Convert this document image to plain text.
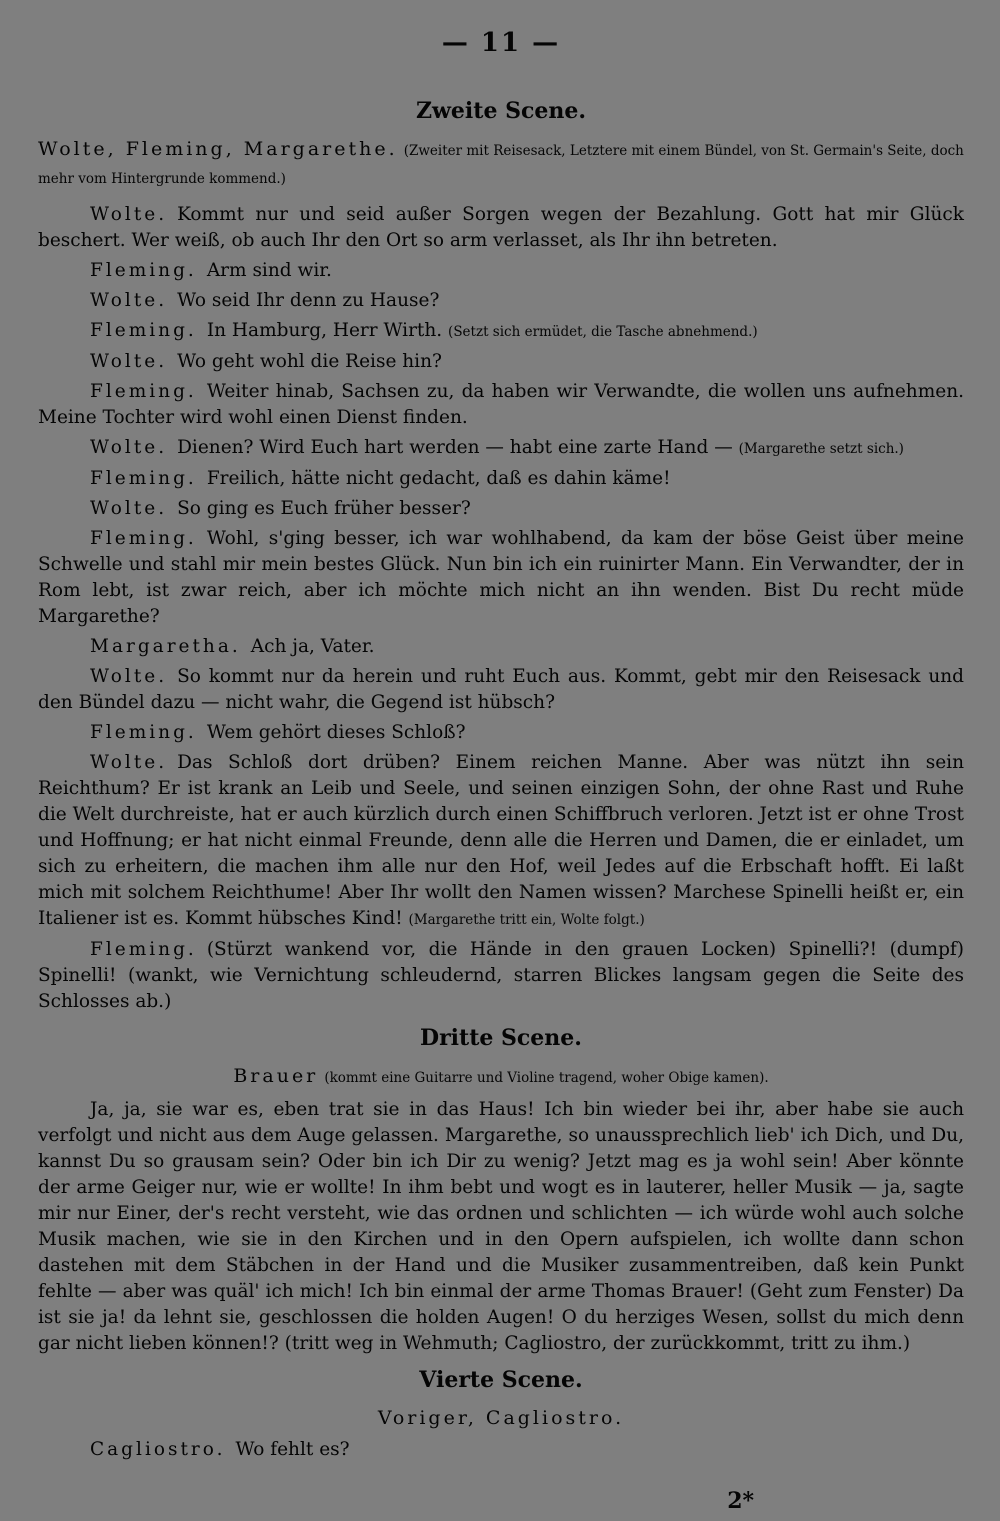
— 11 —
Zweite Scene.
Wolte, Fleming, Margarethe. (Zweiter mit Reisesack, Letztere mit einem Bündel, von St. Germain's Seite, doch mehr vom Hintergrunde kommend.)

Wolte. Kommt nur und seid außer Sorgen wegen der Bezahlung. Gott hat mir Glück beschert. Wer weiß, ob auch Ihr den Ort so arm verlasset, als Ihr ihn betreten.

Fleming. Arm sind wir.

Wolte. Wo seid Ihr denn zu Hause?

Fleming. In Hamburg, Herr Wirth. (Setzt sich ermüdet, die Tasche abnehmend.)

Wolte. Wo geht wohl die Reise hin?

Fleming. Weiter hinab, Sachsen zu, da haben wir Verwandte, die wollen uns aufnehmen. Meine Tochter wird wohl einen Dienst finden.

Wolte. Dienen? Wird Euch hart werden — habt eine zarte Hand — (Margarethe setzt sich.)

Fleming. Freilich, hätte nicht gedacht, daß es dahin käme!

Wolte. So ging es Euch früher besser?

Fleming. Wohl, s'ging besser, ich war wohlhabend, da kam der böse Geist über meine Schwelle und stahl mir mein bestes Glück. Nun bin ich ein ruinirter Mann. Ein Verwandter, der in Rom lebt, ist zwar reich, aber ich möchte mich nicht an ihn wenden. Bist Du recht müde Margarethe?

Margaretha. Ach ja, Vater.

Wolte. So kommt nur da herein und ruht Euch aus. Kommt, gebt mir den Reisesack und den Bündel dazu — nicht wahr, die Gegend ist hübsch?

Fleming. Wem gehört dieses Schloß?

Wolte. Das Schloß dort drüben? Einem reichen Manne. Aber was nützt ihn sein Reichthum? Er ist krank an Leib und Seele, und seinen einzigen Sohn, der ohne Rast und Ruhe die Welt durchreiste, hat er auch kürzlich durch einen Schiffbruch verloren. Jetzt ist er ohne Trost und Hoffnung; er hat nicht einmal Freunde, denn alle die Herren und Damen, die er einladet, um sich zu erheitern, die machen ihm alle nur den Hof, weil Jedes auf die Erbschaft hofft. Ei laßt mich mit solchem Reichthume! Aber Ihr wollt den Namen wissen? Marchese Spinelli heißt er, ein Italiener ist es. Kommt hübsches Kind! (Margarethe tritt ein, Wolte folgt.)

Fleming. (Stürzt wankend vor, die Hände in den grauen Locken) Spinelli?! (dumpf) Spinelli! (wankt, wie Vernichtung schleudernd, starren Blickes langsam gegen die Seite des Schlosses ab.)

Dritte Scene.
Brauer (kommt eine Guitarre und Violine tragend, woher Obige kamen).

Ja, ja, sie war es, eben trat sie in das Haus! Ich bin wieder bei ihr, aber habe sie auch verfolgt und nicht aus dem Auge gelassen. Margarethe, so unaussprechlich lieb' ich Dich, und Du, kannst Du so grausam sein? Oder bin ich Dir zu wenig? Jetzt mag es ja wohl sein! Aber könnte der arme Geiger nur, wie er wollte! In ihm bebt und wogt es in lauterer, heller Musik — ja, sagte mir nur Einer, der's recht versteht, wie das ordnen und schlichten — ich würde wohl auch solche Musik machen, wie sie in den Kirchen und in den Opern aufspielen, ich wollte dann schon dastehen mit dem Stäbchen in der Hand und die Musiker zusammentreiben, daß kein Punkt fehlte — aber was quäl' ich mich! Ich bin einmal der arme Thomas Brauer! (Geht zum Fenster) Da ist sie ja! da lehnt sie, geschlossen die holden Augen! O du herziges Wesen, sollst du mich denn gar nicht lieben können!? (tritt weg in Wehmuth; Cagliostro, der zurückkommt, tritt zu ihm.)

Vierte Scene.
Voriger, Cagliostro.

Cagliostro. Wo fehlt es?

2*
